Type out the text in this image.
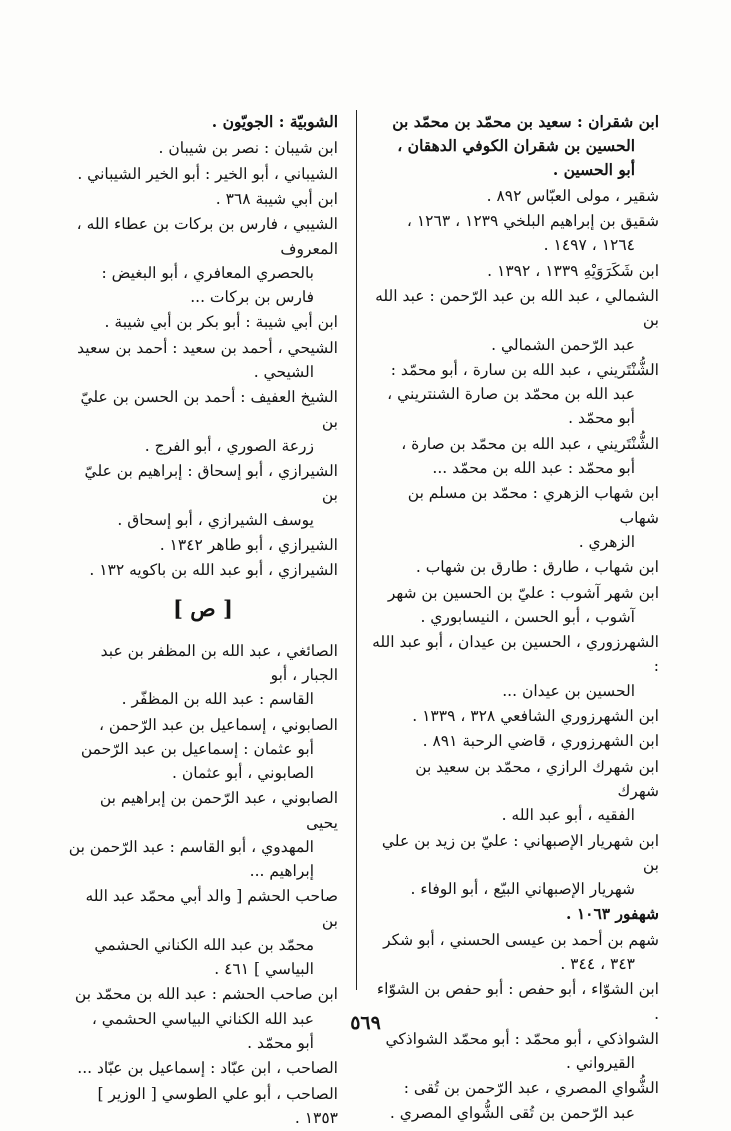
ابن شقران : سعيد بن محمّد بن محمّد بن
الحسين بن شقران الكوفي الدهقان ،
أبو الحسين .
شقير ، مولى العبّاس ٨٩٢ .
شقيق بن إبراهيم البلخي ١٢٣٩ ، ١٢٦٣ ،
١٢٦٤ ، ١٤٩٧ .
ابن شَكَرَوَيْهِ ١٣٣٩ ، ١٣٩٢ .
الشمالي ، عبد الله بن عبد الرّحمن : عبد الله بن
عبد الرّحمن الشمالي .
الشُّنْتَريني ، عبد الله بن سارة ، أبو محمّد :
عبد الله بن محمّد بن صارة الشنتريني ،
أبو محمّد .
الشُّنْتَريني ، عبد الله بن محمّد بن صارة ،
أبو محمّد : عبد الله بن محمّد ...
ابن شهاب الزهري : محمّد بن مسلم بن شهاب
الزهري .
ابن شهاب ، طارق : طارق بن شهاب .
ابن شهر آشوب : عليّ بن الحسين بن شهر
آشوب ، أبو الحسن ، النيسابوري .
الشهرزوري ، الحسين بن عيدان ، أبو عبد الله :
الحسين بن عيدان ...
ابن الشهرزوري الشافعي ٣٢٨ ، ١٣٣٩ .
ابن الشهرزوري ، قاضي الرحبة ٨٩١ .
ابن شهرك الرازي ، محمّد بن سعيد بن شهرك
الفقيه ، أبو عبد الله .
ابن شهريار الإصبهاني : عليّ بن زيد بن علي بن
شهريار الإصبهاني البيّع ، أبو الوفاء .
شهفور ١٠٦٣ .
شهم بن أحمد بن عيسى الحسني ، أبو شكر
٣٤٣ ، ٣٤٤ .
ابن الشوّاء ، أبو حفص : أبو حفص بن الشوّاء .
الشواذكي ، أبو محمّد : أبو محمّد الشواذكي
القيرواني .
الشُّواي المصري ، عبد الرّحمن بن تُقى :
عبد الرّحمن بن تُقى الشُّواي المصري .
الشوبيّة : الجويّون .
ابن شيبان : نصر بن شيبان .
الشيباني ، أبو الخير : أبو الخير الشيباني .
ابن أبي شيبة ٣٦٨ .
الشيبي ، فارس بن بركات بن عطاء الله ، المعروف
بالحصري المعافري ، أبو البغيض :
فارس بن بركات ...
ابن أبي شيبة : أبو بكر بن أبي شيبة .
الشيحي ، أحمد بن سعيد : أحمد بن سعيد
الشيحي .
الشيخ العفيف : أحمد بن الحسن بن عليّ بن
زرعة الصوري ، أبو الفرج .
الشيرازي ، أبو إسحاق : إبراهيم بن عليّ بن
يوسف الشيرازي ، أبو إسحاق .
الشيرازي ، أبو طاهر ١٣٤٢ .
الشيرازي ، أبو عبد الله بن باكويه ١٣٢ .
[ ص ]
الصائغي ، عبد الله بن المظفر بن عبد الجبار ، أبو
القاسم : عبد الله بن المظفّر .
الصابوني ، إسماعيل بن عبد الرّحمن ،
أبو عثمان : إسماعيل بن عبد الرّحمن
الصابوني ، أبو عثمان .
الصابوني ، عبد الرّحمن بن إبراهيم بن يحيى
المهدوي ، أبو القاسم : عبد الرّحمن بن
إبراهيم ...
صاحب الحشم [ والد أبي محمّد عبد الله بن
محمّد بن عبد الله الكناني الحشمي
البياسي ] ٤٦١ .
ابن صاحب الحشم : عبد الله بن محمّد بن
عبد الله الكناني البياسي الحشمي ،
أبو محمّد .
الصاحب ، ابن عبّاد : إسماعيل بن عبّاد ...
الصاحب ، أبو علي الطوسي [ الوزير ] ١٣٥٣ .
٥٦٩
